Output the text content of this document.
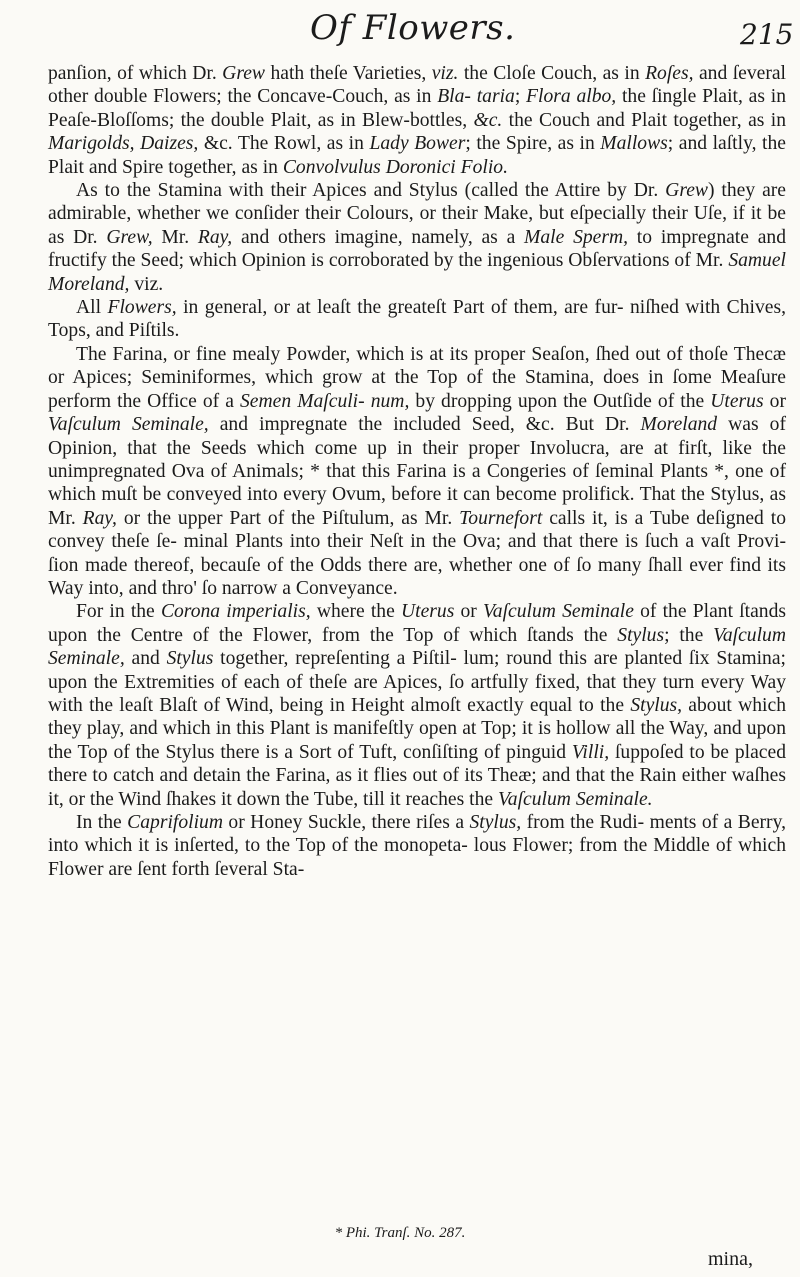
Of Flowers.	215

panſion, of which Dr. Grew hath theſe Varieties, viz. the Cloſe Couch, as in Roſes, and ſeveral other double Flowers; the Concave-Couch, as in Bla- taria; Flora albo, the ſingle Plait, as in Peaſe-Bloſſoms; the double Plait, as in Blew-bottles, &c. the Couch and Plait together, as in Marigolds, Daizes, &c. The Rowl, as in Lady Bower; the Spire, as in Mallows; and laſtly, the Plait and Spire together, as in Convolvulus Doronici Folio.

As to the Stamina with their Apices and Stylus (called the Attire by Dr. Grew) they are admirable, whether we conſider their Colours, or their Make, but eſpecially their Uſe, if it be as Dr. Grew, Mr. Ray, and others imagine, namely, as a Male Sperm, to impregnate and fructify the Seed; which Opinion is corroborated by the ingenious Obſervations of Mr. Samuel Moreland, viz.

All Flowers, in general, or at leaſt the greateſt Part of them, are fur- niſhed with Chives, Tops, and Piſtils.

The Farina, or fine mealy Powder, which is at its proper Seaſon, ſhed out of thoſe Thecæ or Apices; Seminiformes, which grow at the Top of the Stamina, does in ſome Meaſure perform the Office of a Semen Maſculi- num, by dropping upon the Outſide of the Uterus or Vaſculum Seminale, and impregnate the included Seed, &c. But Dr. Moreland was of Opinion, that the Seeds which come up in their proper Involucra, are at firſt, like the unimpregnated Ova of Animals; * that this Farina is a Congeries of ſeminal Plants *, one of which muſt be conveyed into every Ovum, before it can become prolifick. That the Stylus, as Mr. Ray, or the upper Part of the Piſtulum, as Mr. Tournefort calls it, is a Tube deſigned to convey theſe ſe- minal Plants into their Neſt in the Ova; and that there is ſuch a vaſt Provi- ſion made thereof, becauſe of the Odds there are, whether one of ſo many ſhall ever find its Way into, and thro' ſo narrow a Conveyance.

For in the Corona imperialis, where the Uterus or Vaſculum Seminale of the Plant ſtands upon the Centre of the Flower, from the Top of which ſtands the Stylus; the Vaſculum Seminale, and Stylus together, repreſenting a Piſtil- lum; round this are planted ſix Stamina; upon the Extremities of each of theſe are Apices, ſo artfully fixed, that they turn every Way with the leaſt Blaſt of Wind, being in Height almoſt exactly equal to the Stylus, about which they play, and which in this Plant is manifeſtly open at Top; it is hollow all the Way, and upon the Top of the Stylus there is a Sort of Tuft, conſiſting of pinguid Villi, ſuppoſed to be placed there to catch and detain the Farina, as it flies out of its Theæ; and that the Rain either waſhes it, or the Wind ſhakes it down the Tube, till it reaches the Vaſculum Seminale.

In the Caprifolium or Honey Suckle, there riſes a Stylus, from the Rudi- ments of a Berry, into which it is inſerted, to the Top of the monopeta- lous Flower; from the Middle of which Flower are ſent forth ſeveral Sta-

* Phi. Tranſ. No. 287.
mina,
